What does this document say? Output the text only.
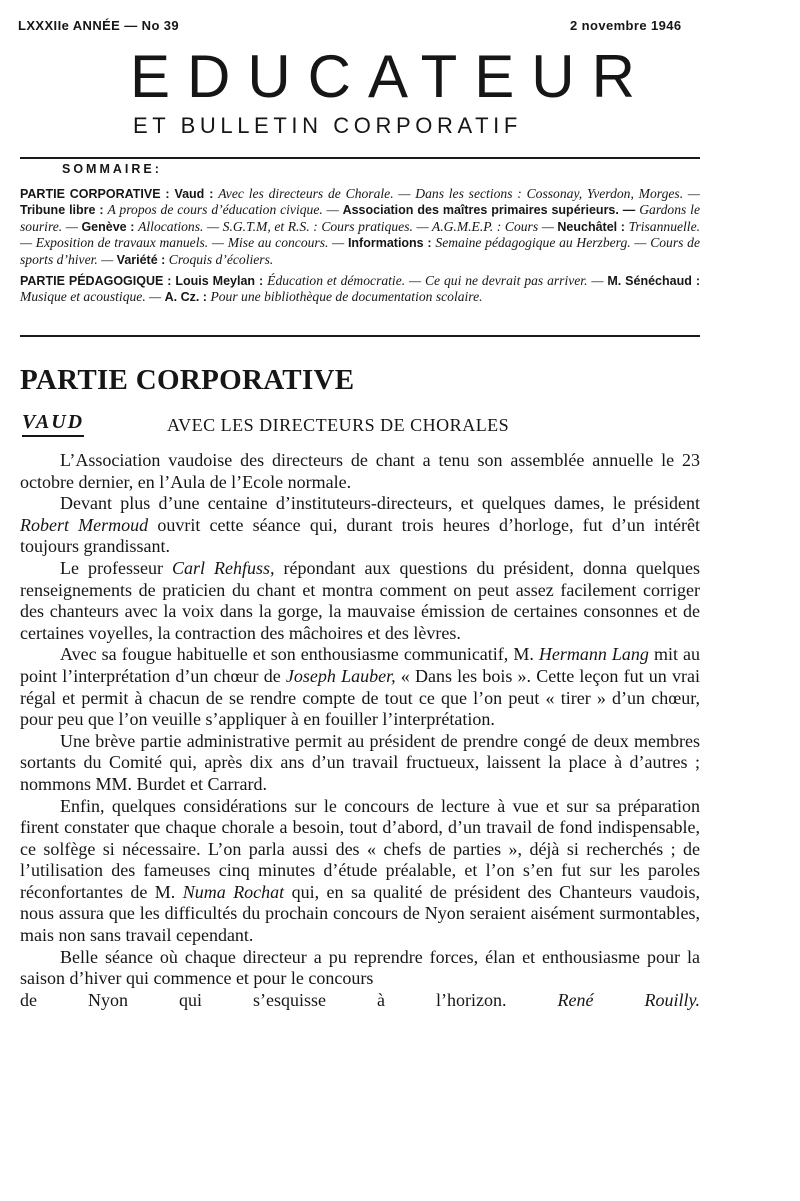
LXXXIIe ANNÉE — No 39	2 novembre 1946
EDUCATEUR
ET BULLETIN CORPORATIF
SOMMAIRE:
PARTIE CORPORATIVE : Vaud : Avec les directeurs de Chorale. — Dans les sections : Cossonay, Yverdon, Morges. — Tribune libre : A propos de cours d’éducation civique. — Association des maîtres primaires supérieurs. — Gardons le sourire. — Genève : Allocations. — S.G.T.M, et R.S. : Cours pratiques. — A.G.M.E.P. : Cours — Neuchâtel : Trisannuelle. — Exposition de travaux manuels. — Mise au concours. — Informations : Semaine pédagogique au Herzberg. — Cours de sports d’hiver. — Variété : Croquis d’écoliers.
PARTIE PÉDAGOGIQUE : Louis Meylan : Éducation et démocratie. — Ce qui ne devrait pas arriver. — M. Sénéchaud : Musique et acoustique. — A. Cz. : Pour une bibliothèque de documentation scolaire.
PARTIE CORPORATIVE
VAUD	AVEC LES DIRECTEURS DE CHORALES

L’Association vaudoise des directeurs de chant a tenu son assemblée annuelle le 23 octobre dernier, en l’Aula de l’Ecole normale.

Devant plus d’une centaine d’instituteurs-directeurs, et quelques dames, le président Robert Mermoud ouvrit cette séance qui, durant trois heures d’horloge, fut d’un intérêt toujours grandissant.

Le professeur Carl Rehfuss, répondant aux questions du président, donna quelques renseignements de praticien du chant et montra comment on peut assez facilement corriger des chanteurs avec la voix dans la gorge, la mauvaise émission de certaines consonnes et de certaines voyelles, la contraction des mâchoires et des lèvres.

Avec sa fougue habituelle et son enthousiasme communicatif, M. Hermann Lang mit au point l’interprétation d’un chœur de Joseph Lauber, « Dans les bois ». Cette leçon fut un vrai régal et permit à chacun de se rendre compte de tout ce que l’on peut « tirer » d’un chœur, pour peu que l’on veuille s’appliquer à en fouiller l’interprétation.

Une brève partie administrative permit au président de prendre congé de deux membres sortants du Comité qui, après dix ans d’un travail fructueux, laissent la place à d’autres ; nommons MM. Burdet et Carrard.

Enfin, quelques considérations sur le concours de lecture à vue et sur sa préparation firent constater que chaque chorale a besoin, tout d’abord, d’un travail de fond indispensable, ce solfège si nécessaire. L’on parla aussi des « chefs de parties », déjà si recherchés ; de l’utilisation des fameuses cinq minutes d’étude préalable, et l’on s’en fut sur les paroles réconfortantes de M. Numa Rochat qui, en sa qualité de président des Chanteurs vaudois, nous assura que les difficultés du prochain concours de Nyon seraient aisément surmontables, mais non sans travail cependant.

Belle séance où chaque directeur a pu reprendre forces, élan et enthousiasme pour la saison d’hiver qui commence et pour le concours

de Nyon qui s’esquisse à l’horizon.	René Rouilly.
